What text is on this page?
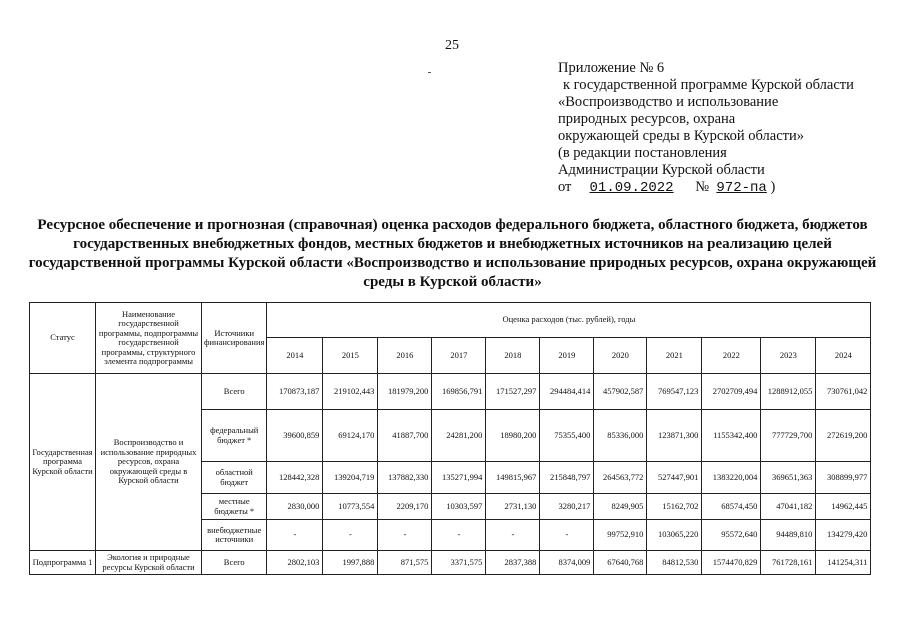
25
Приложение № 6
к государственной программе Курской области
«Воспроизводство и использование
природных ресурсов, охрана
окружающей среды в Курской области»
(в редакции постановления
Администрации Курской области
от 01.09.2022 № 972-па )
Ресурсное обеспечение и прогнозная (справочная) оценка расходов федерального бюджета, областного бюджета, бюджетов государственных внебюджетных фондов, местных бюджетов и внебюджетных источников на реализацию целей государственной программы Курской области «Воспроизводство и использование природных ресурсов, охрана окружающей среды в Курской области»
Статус	Наименование государственной программы, подпрограммы государственной программы, структурного элемента подпрограммы	Источники финансирования	Оценка расходов (тыс. рублей), годы										
			2014	2015	2016	2017	2018	2019	2020	2021	2022	2023	2024
Государственная программа Курской области	Воспроизводство и использование природных ресурсов, охрана окружающей среды в Курской области	Всего	170873,187	219102,443	181979,200	169856,791	171527,297	294484,414	457902,587	769547,123	2702709,494	1288912,055	730761,042
		федеральный бюджет *	39600,859	69124,170	41887,700	24281,200	18980,200	75355,400	85336,000	123871,300	1155342,400	777729,700	272619,200
		областной бюджет	128442,328	139204,719	137882,330	135271,994	149815,967	215848,797	264563,772	527447,901	1383220,004	369651,363	308899,977
		местные бюджеты *	2830,000	10773,554	2209,170	10303,597	2731,130	3280,217	8249,905	15162,702	68574,450	47041,182	14962,445
		внебюджетные источники	-	-	-	-	-	-	99752,910	103065,220	95572,640	94489,810	134279,420
Подпрограмма 1	Экология и природные ресурсы Курской области	Всего	2802,103	1997,888	871,575	3371,575	2837,388	8374,009	67640,768	84812,530	1574470,829	761728,161	141254,311
